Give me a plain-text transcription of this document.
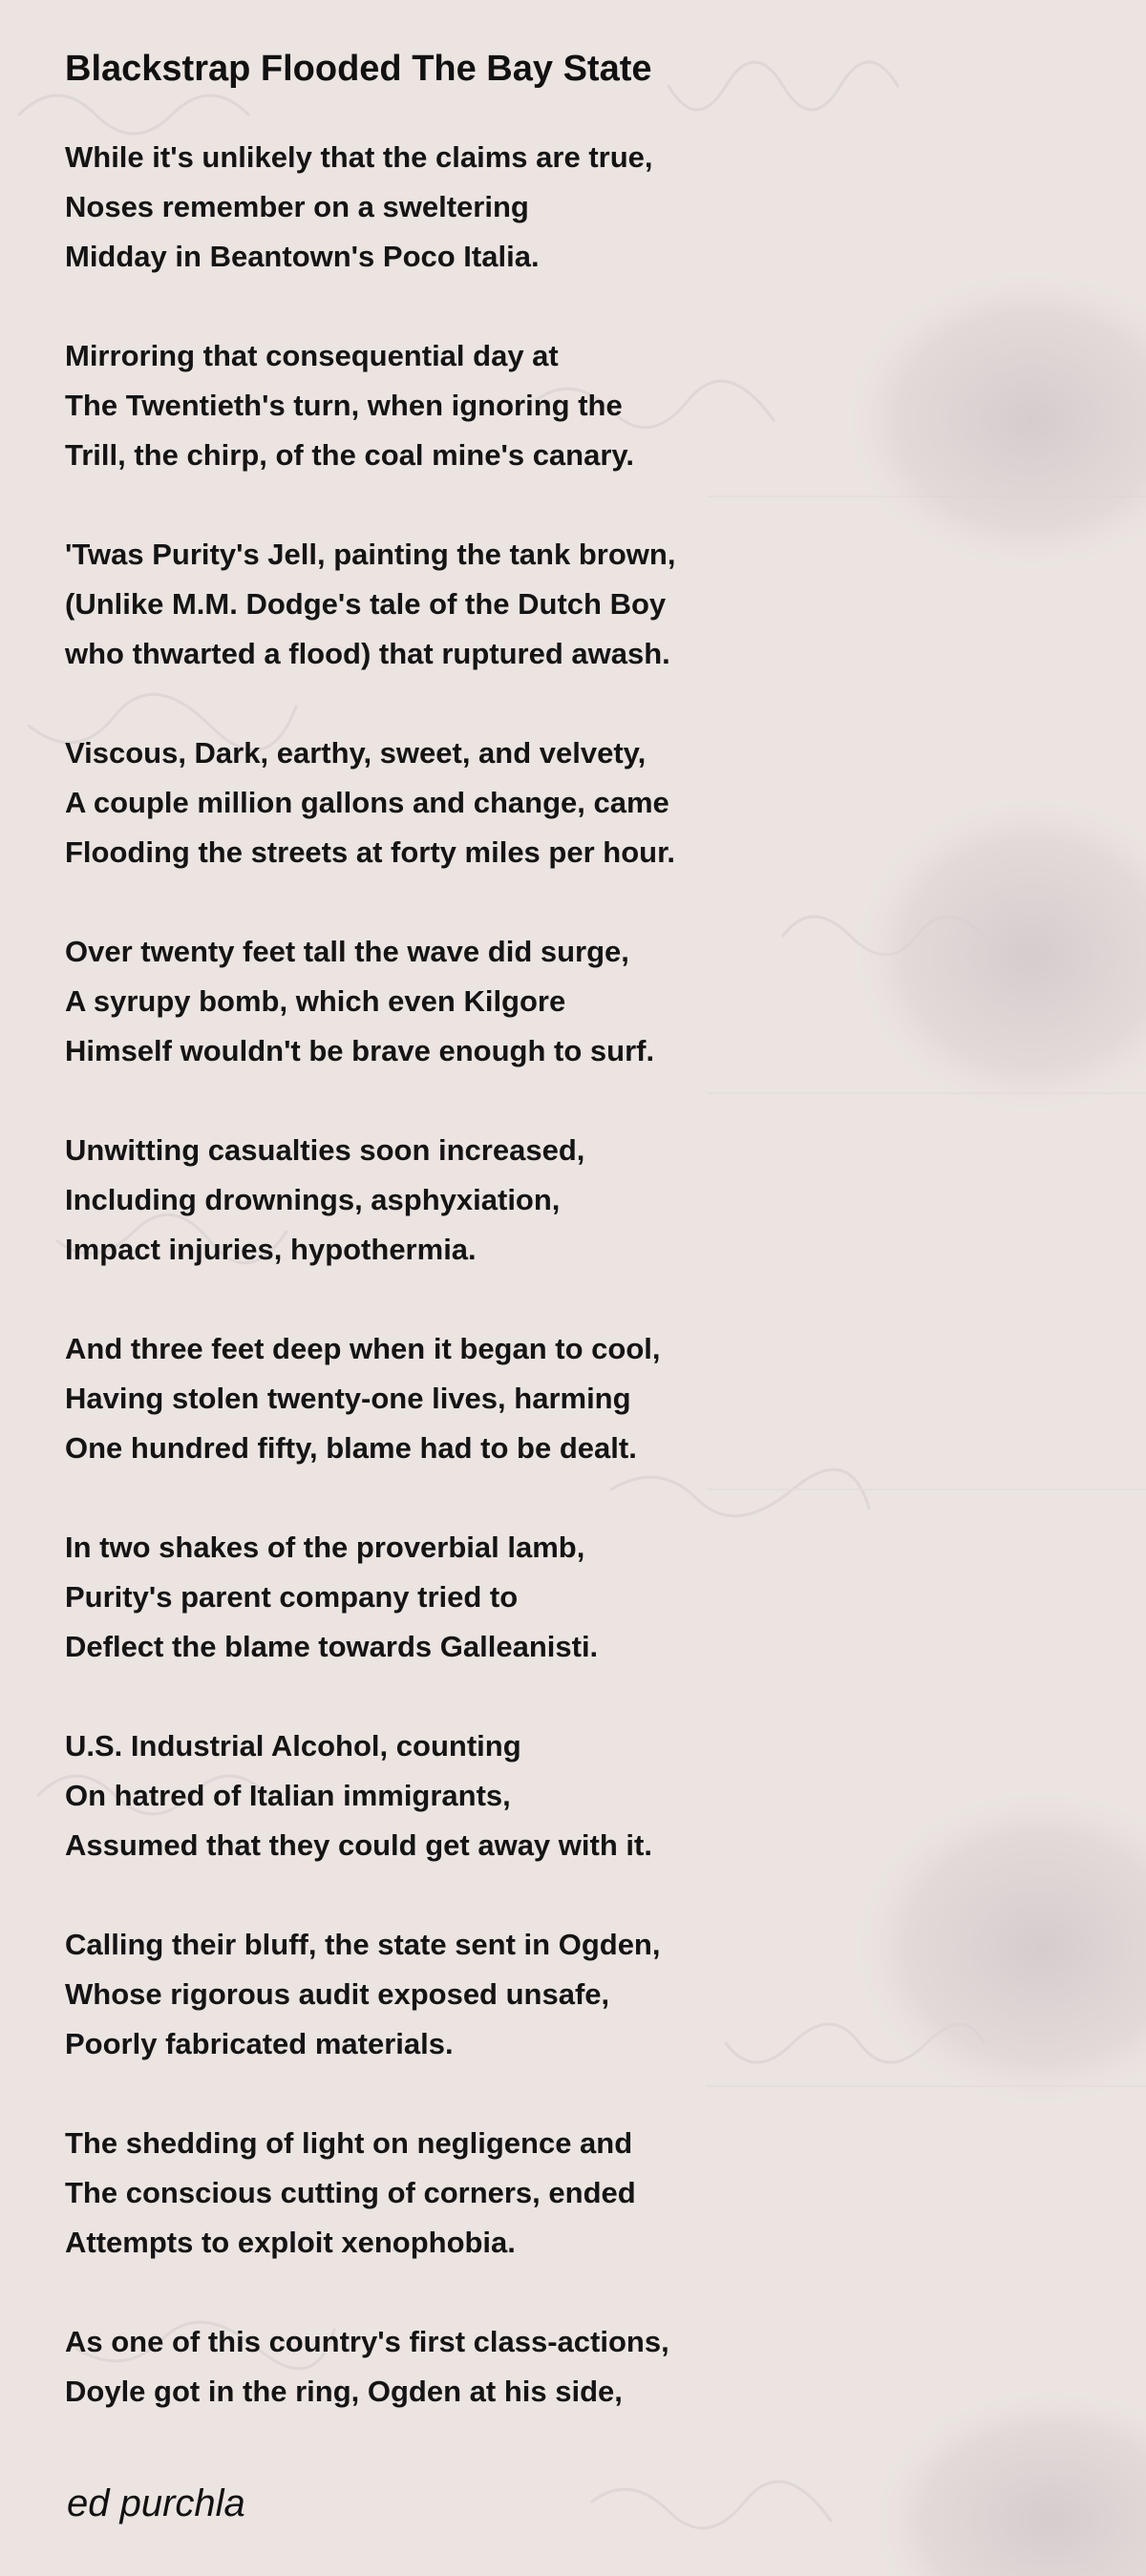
Blackstrap Flooded The Bay State
While it's unlikely that the claims are true,
Noses remember on a sweltering
Midday in Beantown's Poco Italia.
Mirroring that consequential day at
The Twentieth's turn, when ignoring the
Trill, the chirp, of the coal mine's canary.
'Twas Purity's Jell, painting the tank brown,
(Unlike M.M. Dodge's tale of the Dutch Boy
who thwarted a flood) that ruptured awash.
Viscous, Dark, earthy, sweet, and velvety,
A couple million gallons and change, came
Flooding the streets at forty miles per hour.
Over twenty feet tall the wave did surge,
A syrupy bomb, which even Kilgore
Himself wouldn't be brave enough to surf.
Unwitting casualties soon increased,
Including drownings, asphyxiation,
Impact injuries, hypothermia.
And three feet deep when it began to cool,
Having stolen twenty-one lives, harming
One hundred fifty, blame had to be dealt.
In two shakes of the proverbial lamb,
Purity's parent company tried to
Deflect the blame towards Galleanisti.
U.S. Industrial Alcohol, counting
On hatred of Italian immigrants,
Assumed that they could get away with it.
Calling their bluff, the state sent in Ogden,
Whose rigorous audit exposed unsafe,
Poorly fabricated materials.
The shedding of light on negligence and
The conscious cutting of corners, ended
Attempts to exploit xenophobia.
As one of this country's first class-actions,
Doyle got in the ring, Ogden at his side,
ed purchla
